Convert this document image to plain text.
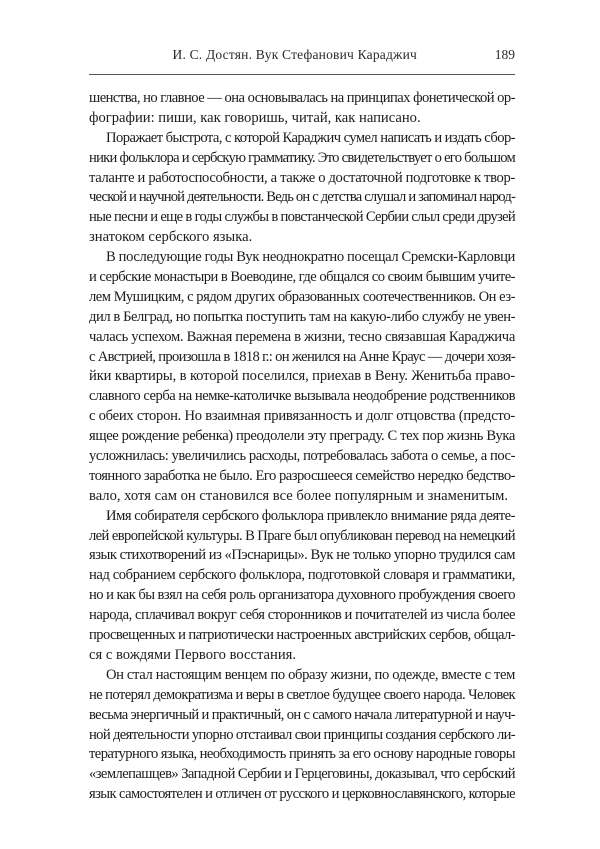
И. С. Достян. Вук Стефанович Караджич	189

шенства, но главное — она основывалась на принципах фонетической ор-
фографии: пиши, как говоришь, читай, как написано.

Поражает быстрота, с которой Караджич сумел написать и издать сбор-
ники фольклора и сербскую грамматику. Это свидетельствует о его большом
таланте и работоспособности, а также о достаточной подготовке к твор-
ческой и научной деятельности. Ведь он с детства слушал и запоминал народ-
ные песни и еще в годы службы в повстанческой Сербии слыл среди друзей
знатоком сербского языка.

В последующие годы Вук неоднократно посещал Сремски-Карловци
и сербские монастыри в Воеводине, где общался со своим бывшим учите-
лем Мушицким, с рядом других образованных соотечественников. Он ез-
дил в Белград, но попытка поступить там на какую-либо службу не увен-
чалась успехом. Важная перемена в жизни, тесно связавшая Караджича
с Австрией, произошла в 1818 г.: он женился на Анне Краус — дочери хозя-
йки квартиры, в которой поселился, приехав в Вену. Женитьба право-
славного серба на немке-католичке вызывала неодобрение родственников
с обеих сторон. Но взаимная привязанность и долг отцовства (предсто-
ящее рождение ребенка) преодолели эту преграду. С тех пор жизнь Вука
усложнилась: увеличились расходы, потребовалась забота о семье, а пос-
тоянного заработка не было. Его разросшееся семейство нередко бедство-
вало, хотя сам он становился все более популярным и знаменитым.

Имя собирателя сербского фольклора привлекло внимание ряда деяте-
лей европейской культуры. В Праге был опубликован перевод на немецкий
язык стихотворений из «Пэснарицы». Вук не только упорно трудился сам
над собранием сербского фольклора, подготовкой словаря и грамматики,
но и как бы взял на себя роль организатора духовного пробуждения своего
народа, сплачивал вокруг себя сторонников и почитателей из числа более
просвещенных и патриотически настроенных австрийских сербов, общал-
ся с вождями Первого восстания.

Он стал настоящим венцем по образу жизни, по одежде, вместе с тем
не потерял демократизма и веры в светлое будущее своего народа. Человек
весьма энергичный и практичный, он с самого начала литературной и науч-
ной деятельности упорно отстаивал свои принципы создания сербского ли-
тературного языка, необходимость принять за его основу народные говоры
«землепашцев» Западной Сербии и Герцеговины, доказывал, что сербский
язык самостоятелен и отличен от русского и церковнославянского, которые
